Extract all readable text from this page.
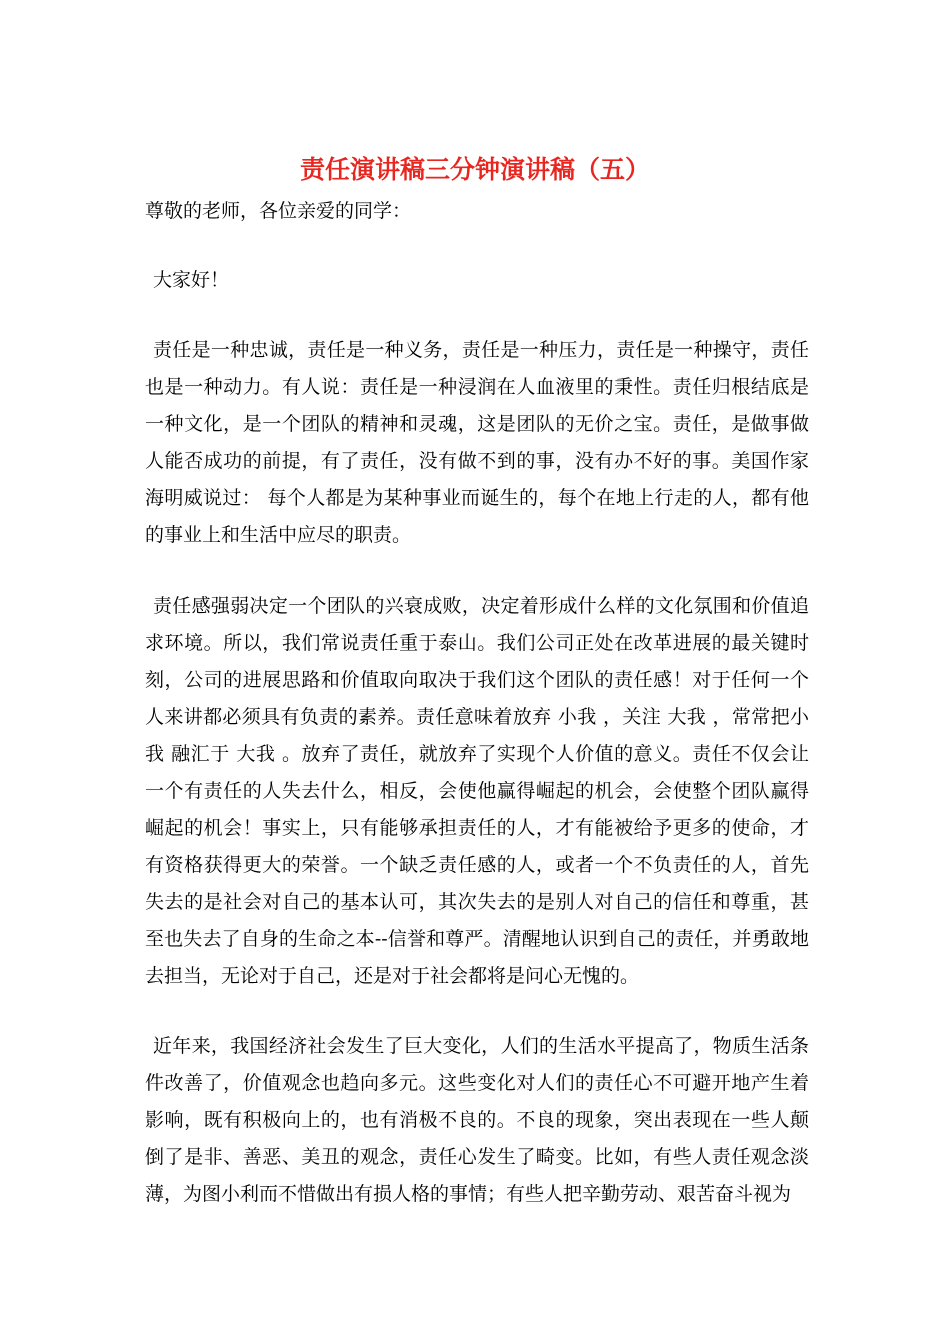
责任演讲稿三分钟演讲稿（五）
尊敬的老师，各位亲爱的同学：
大家好！

责任是一种忠诚，责任是一种义务，责任是一种压力，责任是一种操守，责任也是一种动力。有人说：责任是一种浸润在人血液里的秉性。责任归根结底是一种文化，是一个团队的精神和灵魂，这是团队的无价之宝。责任，是做事做人能否成功的前提，有了责任，没有做不到的事，没有办不好的事。美国作家海明威说过： 每个人都是为某种事业而诞生的，每个在地上行走的人，都有他的事业上和生活中应尽的职责。

责任感强弱决定一个团队的兴衰成败，决定着形成什么样的文化氛围和价值追求环境。所以，我们常说责任重于泰山。我们公司正处在改革进展的最关键时刻，公司的进展思路和价值取向取决于我们这个团队的责任感！对于任何一个人来讲都必须具有负责的素养。责任意味着放弃 小我 ，关注 大我 ，常常把小我 融汇于 大我 。放弃了责任，就放弃了实现个人价值的意义。责任不仅会让一个有责任的人失去什么，相反，会使他赢得崛起的机会，会使整个团队赢得崛起的机会！事实上，只有能够承担责任的人，才有能被给予更多的使命，才有资格获得更大的荣誉。一个缺乏责任感的人，或者一个不负责任的人，首先失去的是社会对自己的基本认可，其次失去的是别人对自己的信任和尊重，甚至也失去了自身的生命之本--信誉和尊严。清醒地认识到自己的责任，并勇敢地去担当，无论对于自己，还是对于社会都将是问心无愧的。

近年来，我国经济社会发生了巨大变化，人们的生活水平提高了，物质生活条件改善了，价值观念也趋向多元。这些变化对人们的责任心不可避开地产生着影响，既有积极向上的，也有消极不良的。不良的现象，突出表现在一些人颠倒了是非、善恶、美丑的观念，责任心发生了畸变。比如，有些人责任观念淡薄，为图小利而不惜做出有损人格的事情；有些人把辛勤劳动、艰苦奋斗视为
